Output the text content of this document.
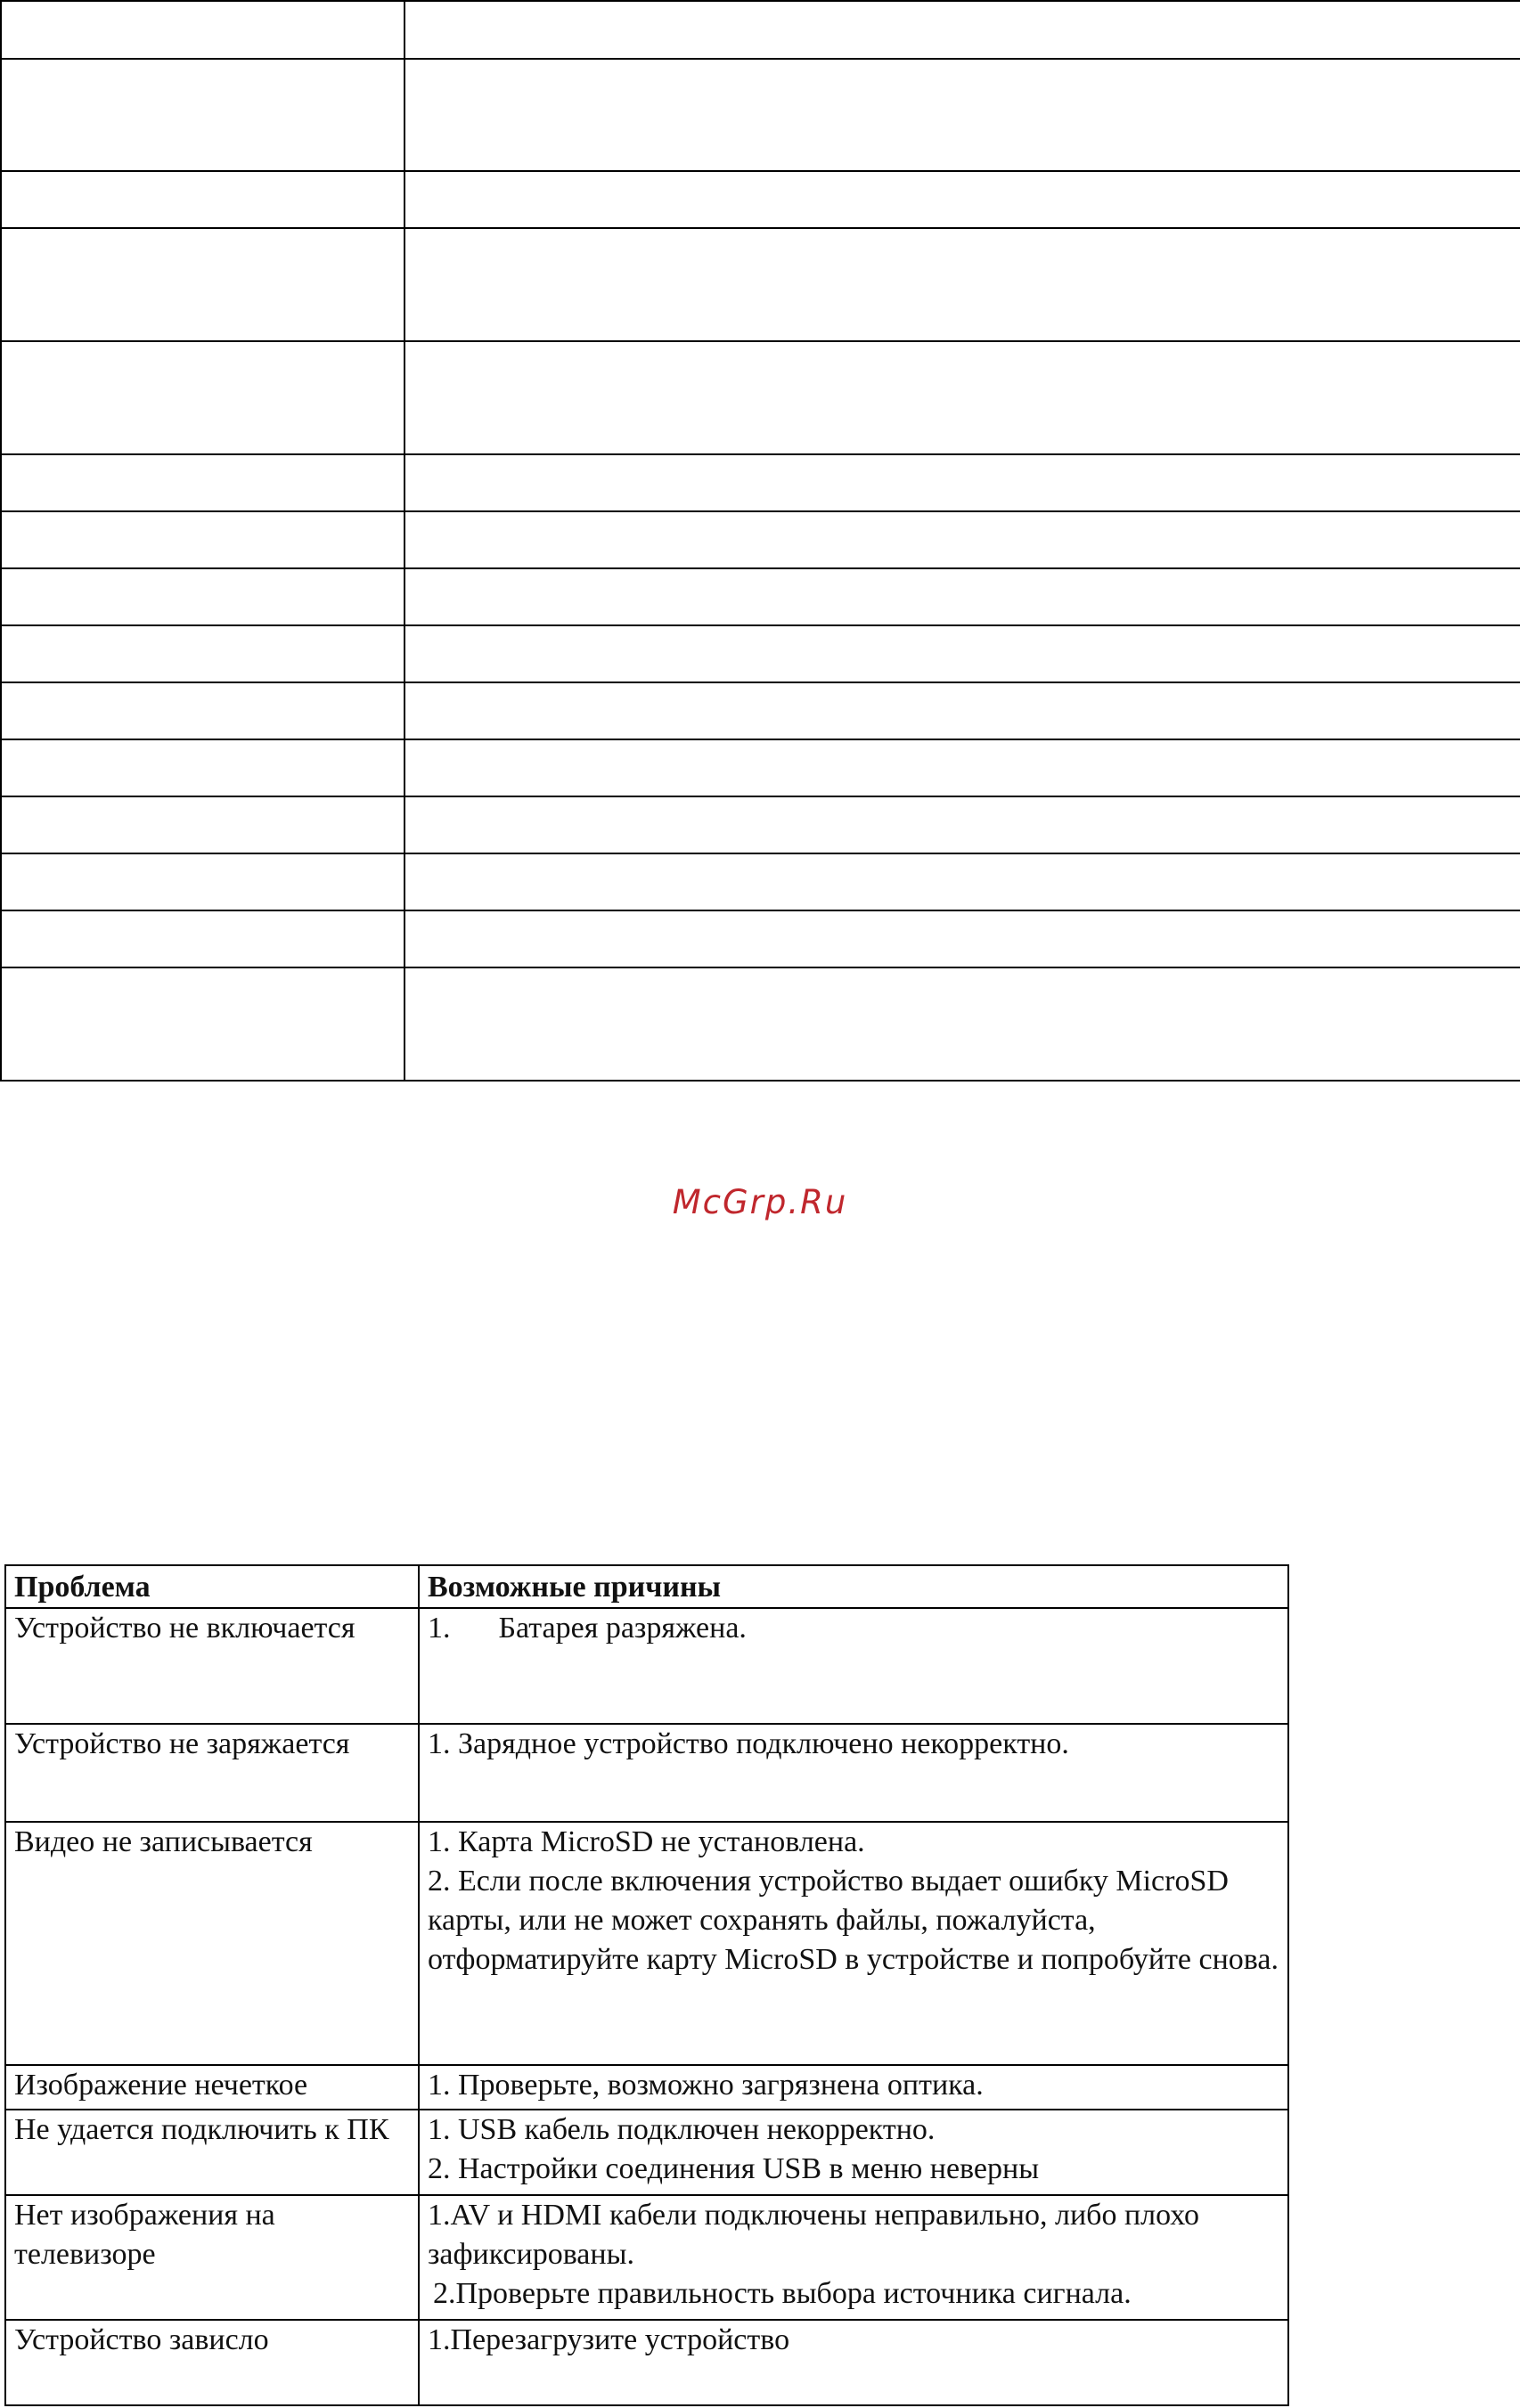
McGrp.Ru
Проблема	Возможные причины
Устройство не включается	1. Батарея разряжена.
Устройство не заряжается	1. Зарядное устройство подключено некорректно.

Видео не записывается	1. Карта MicroSD не установлена.
2. Если после включения устройство выдает ошибку MicroSD карты, или не может сохранять файлы, пожалуйста, отформатируйте карту MicroSD в устройстве и попробуйте снова.

Изображение нечеткое	1. Проверьте, возможно загрязнена оптика.

Не удается подключить к ПК	1. USB кабель подключен некорректно.
2. Настройки соединения USB в меню неверны

Нет изображения на телевизоре	1.AV и HDMI кабели подключены неправильно, либо плохо зафиксированы.
2.Проверьте правильность выбора источника сигнала.

Устройство зависло	1.Перезагрузите устройство
